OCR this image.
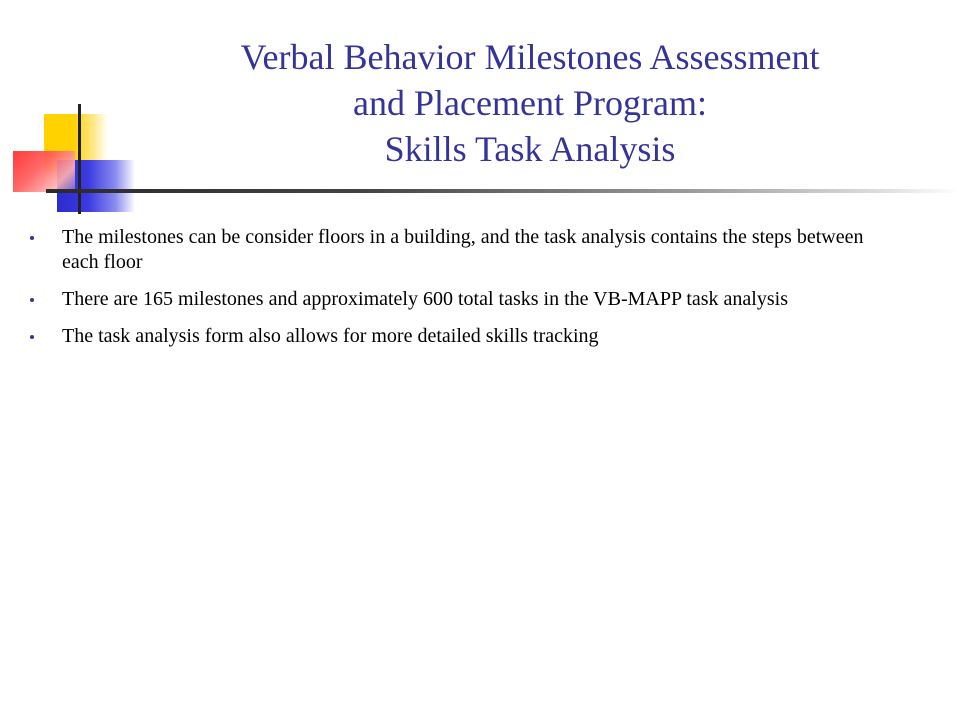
Verbal Behavior Milestones Assessment
and Placement Program:
Skills Task Analysis
The milestones can be consider floors in a building, and the task analysis contains the steps between each floor
There are 165 milestones and approximately 600 total tasks in the VB-MAPP task analysis
The task analysis form also allows for more detailed skills tracking
